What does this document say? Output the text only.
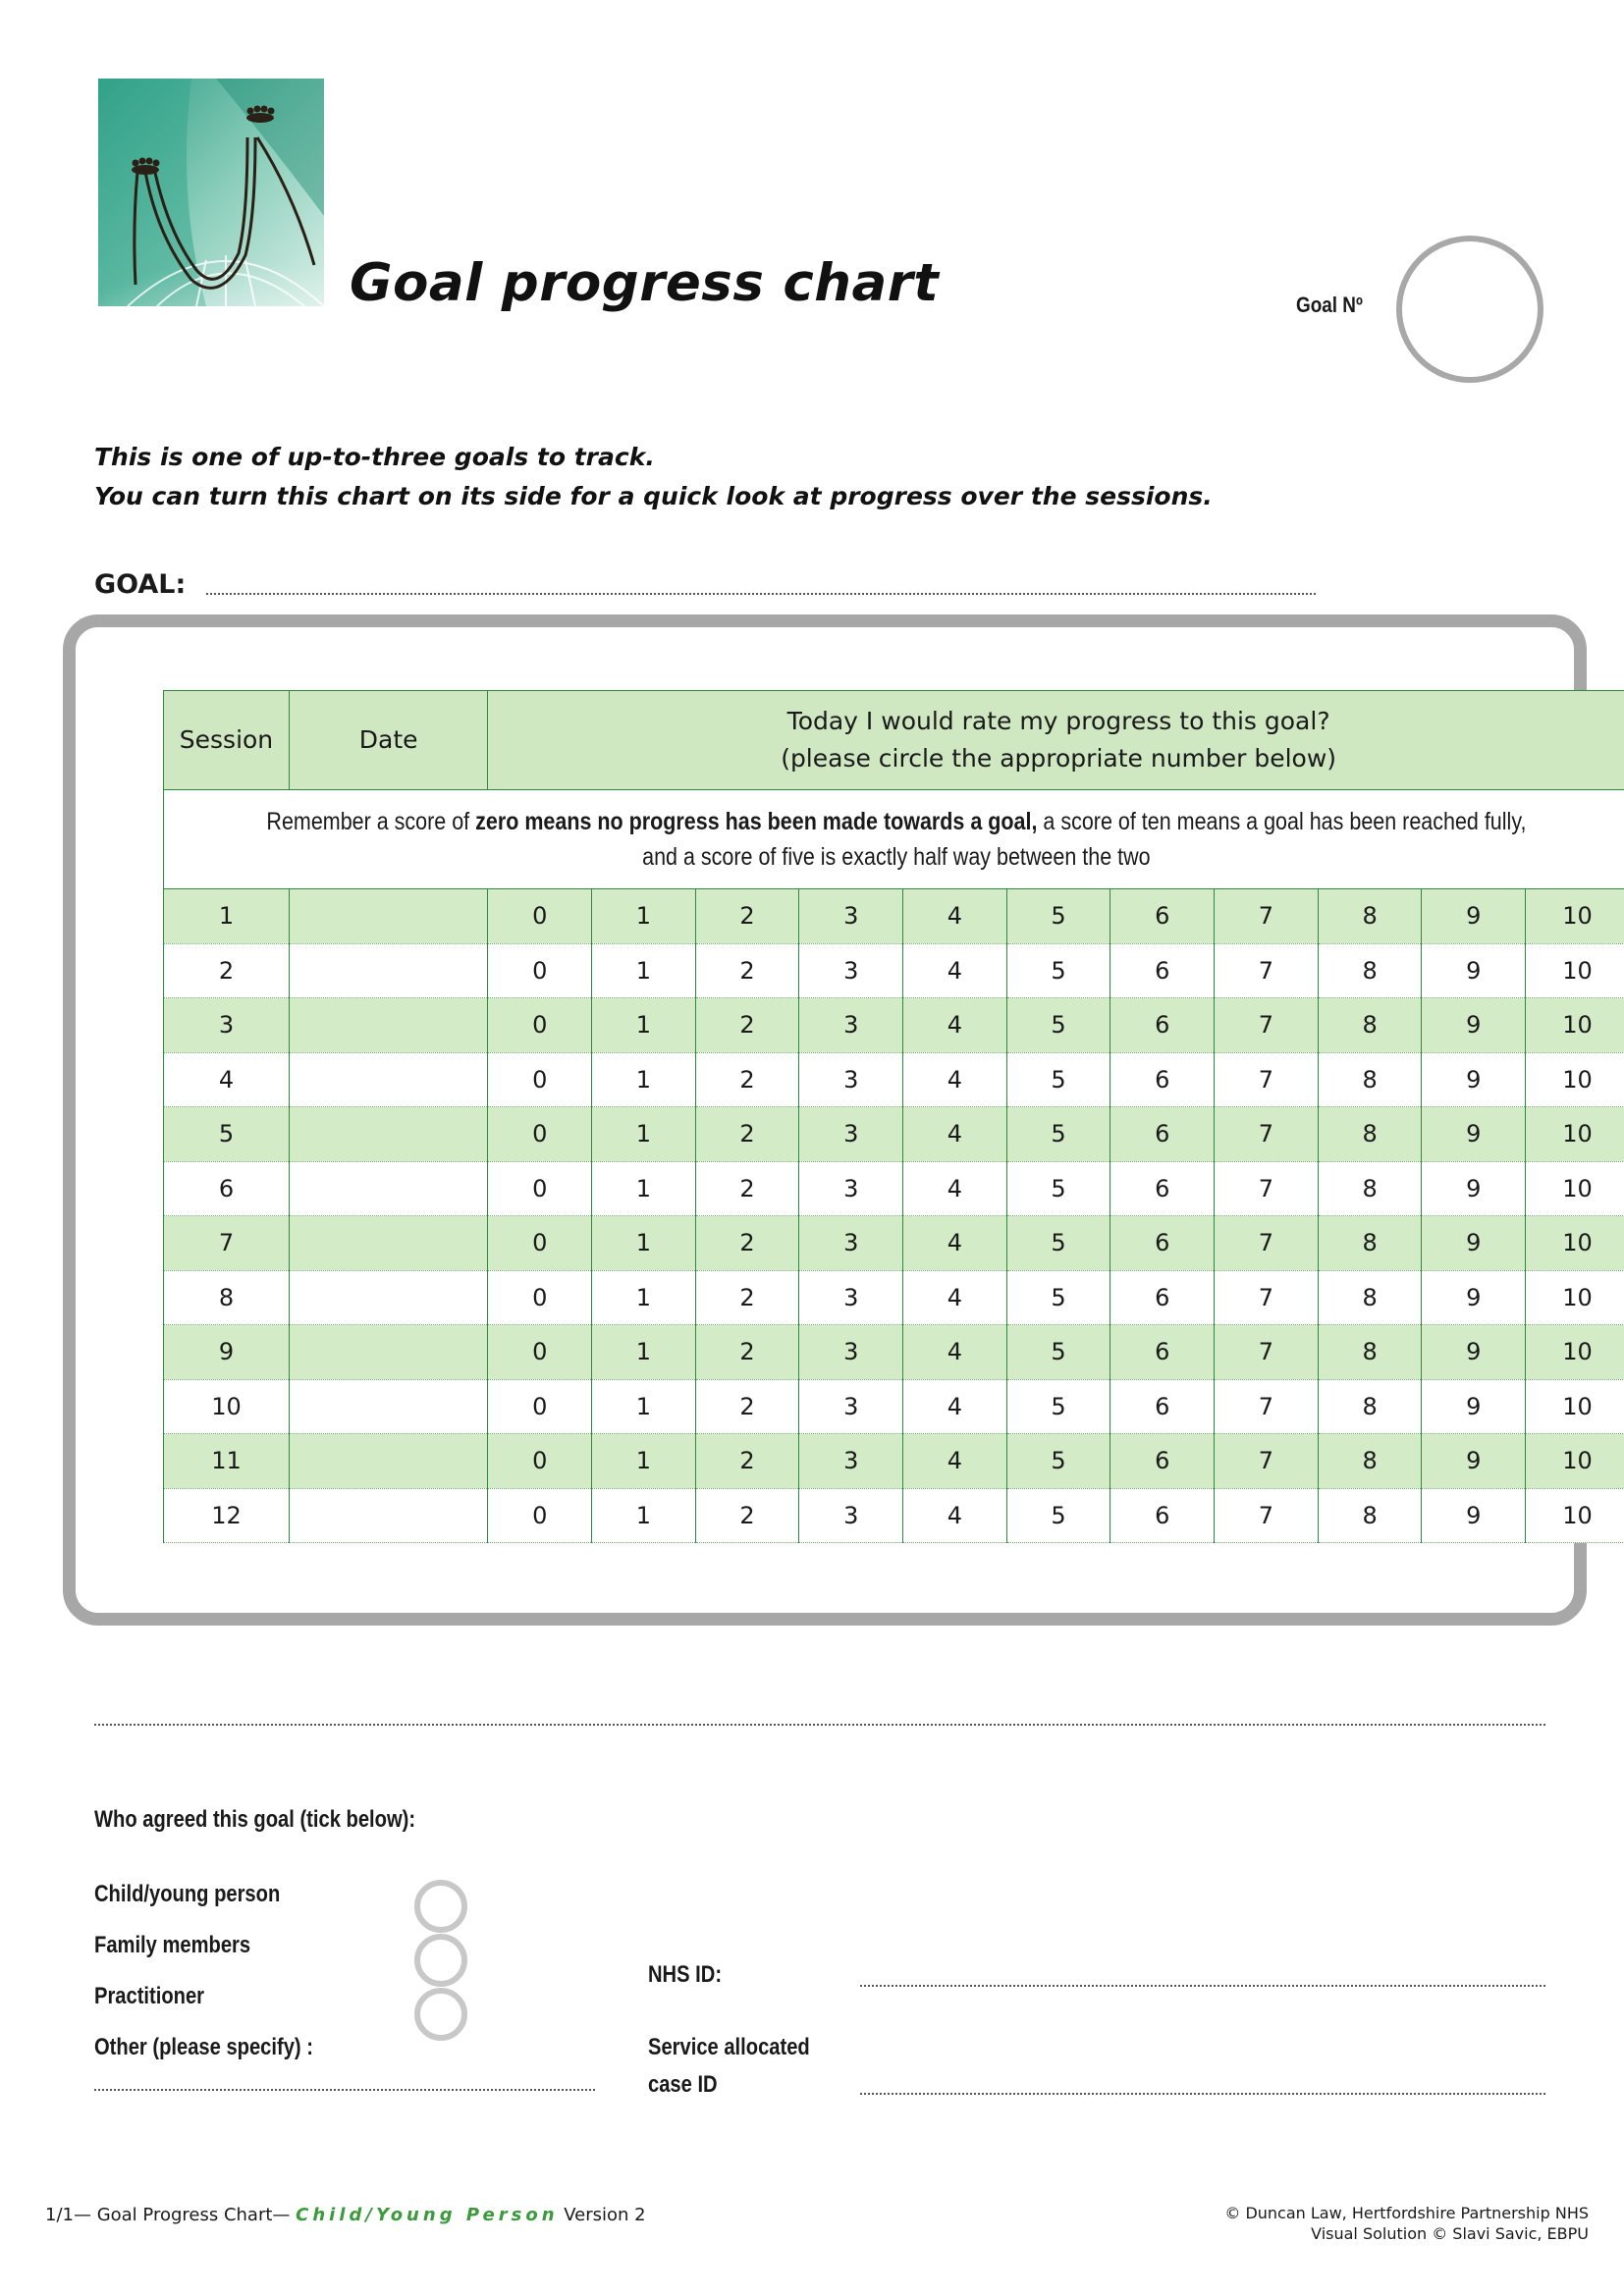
Goal progress chart	Goal Nº
This is one of up-to-three goals to track.
You can turn this chart on its side for a quick look at progress over the sessions.
GOAL:
Session	Date	Today I would rate my progress to this goal?
(please circle the appropriate number below)										

Remember a score of zero means no progress has been made towards a goal, a score of ten means a goal has been reached fully,
and a score of five is exactly half way between the two												
1		0	1	2	3	4	5	6	7	8	9	10
2		0	1	2	3	4	5	6	7	8	9	10
3		0	1	2	3	4	5	6	7	8	9	10
4		0	1	2	3	4	5	6	7	8	9	10
5		0	1	2	3	4	5	6	7	8	9	10
6		0	1	2	3	4	5	6	7	8	9	10
7		0	1	2	3	4	5	6	7	8	9	10
8		0	1	2	3	4	5	6	7	8	9	10
9		0	1	2	3	4	5	6	7	8	9	10
10		0	1	2	3	4	5	6	7	8	9	10
11		0	1	2	3	4	5	6	7	8	9	10
12		0	1	2	3	4	5	6	7	8	9	10
Who agreed this goal (tick below):
Child/young person
Family members
Practitioner
Other (please specify) :
NHS ID:
Service allocated
case ID
1/1— Goal Progress Chart— Child/Young Person Version 2	© Duncan Law, Hertfordshire Partnership NHS
Visual Solution © Slavi Savic, EBPU
